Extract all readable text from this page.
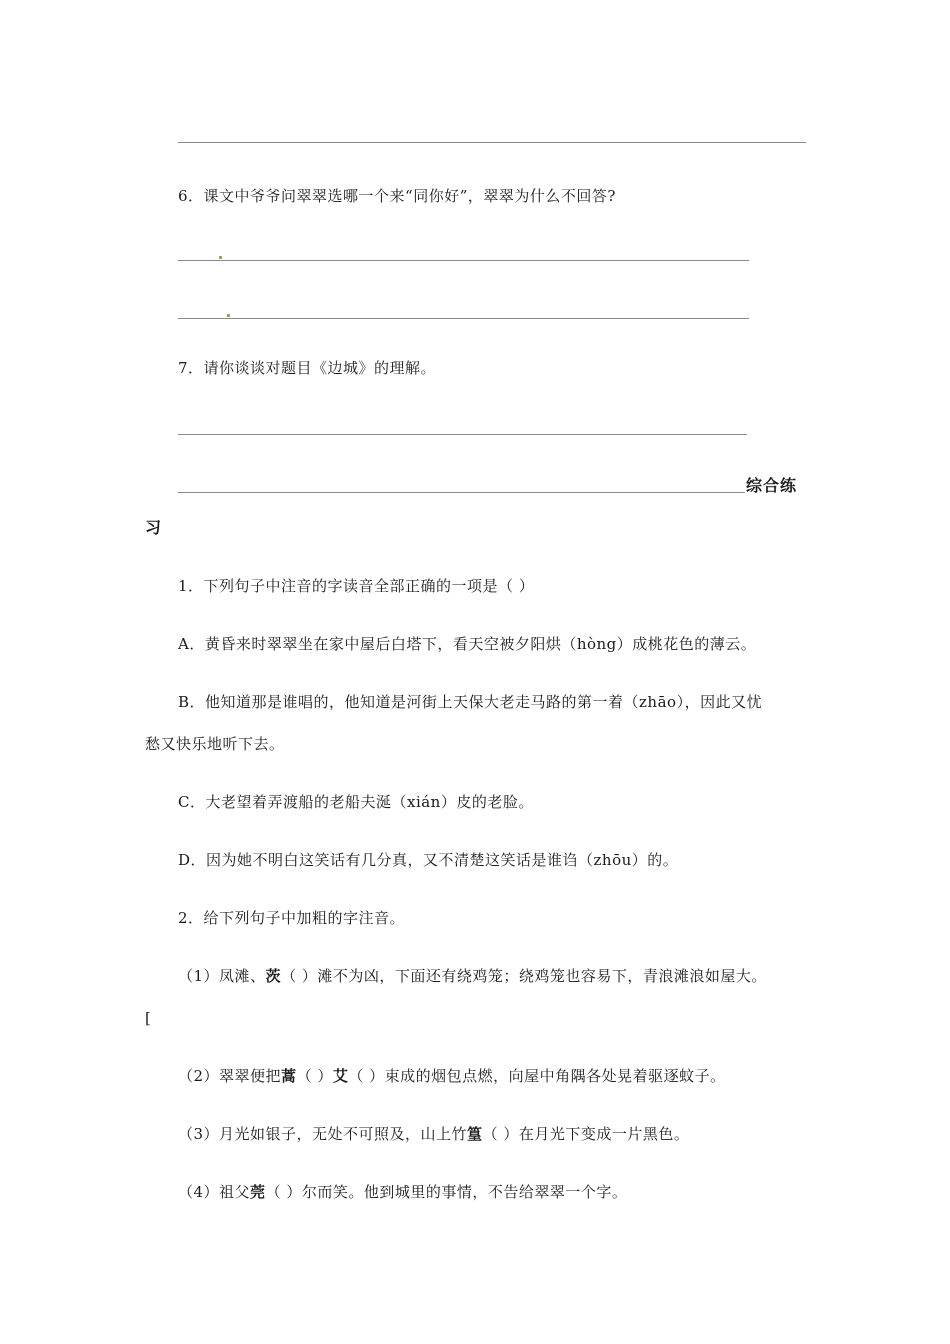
6．课文中爷爷问翠翠选哪一个来“同你好”，翠翠为什么不回答?
7．请你谈谈对题目《边城》的理解。
综合练
习
1．下列句子中注音的字读音全部正确的一项是（ ）
A．黄昏来时翠翠坐在家中屋后白塔下，看天空被夕阳烘（hòng）成桃花色的薄云。
B．他知道那是谁唱的，他知道是河街上天保大老走马路的第一着（zhāo），因此又忧
愁又快乐地听下去。
C．大老望着弄渡船的老船夫涎（xián）皮的老脸。
D．因为她不明白这笑话有几分真，又不清楚这笑话是谁诌（zhōu）的。
2．给下列句子中加粗的字注音。
（1）凤滩、茨（ ）滩不为凶，下面还有绕鸡笼；绕鸡笼也容易下，青浪滩浪如屋大。
[
（2）翠翠便把蒿（ ）艾（ ）束成的烟包点燃，向屋中角隅各处晃着驱逐蚊子。
（3）月光如银子，无处不可照及，山上竹篁（ ）在月光下变成一片黑色。
（4）祖父莞（ ）尔而笑。他到城里的事情，不告给翠翠一个字。
